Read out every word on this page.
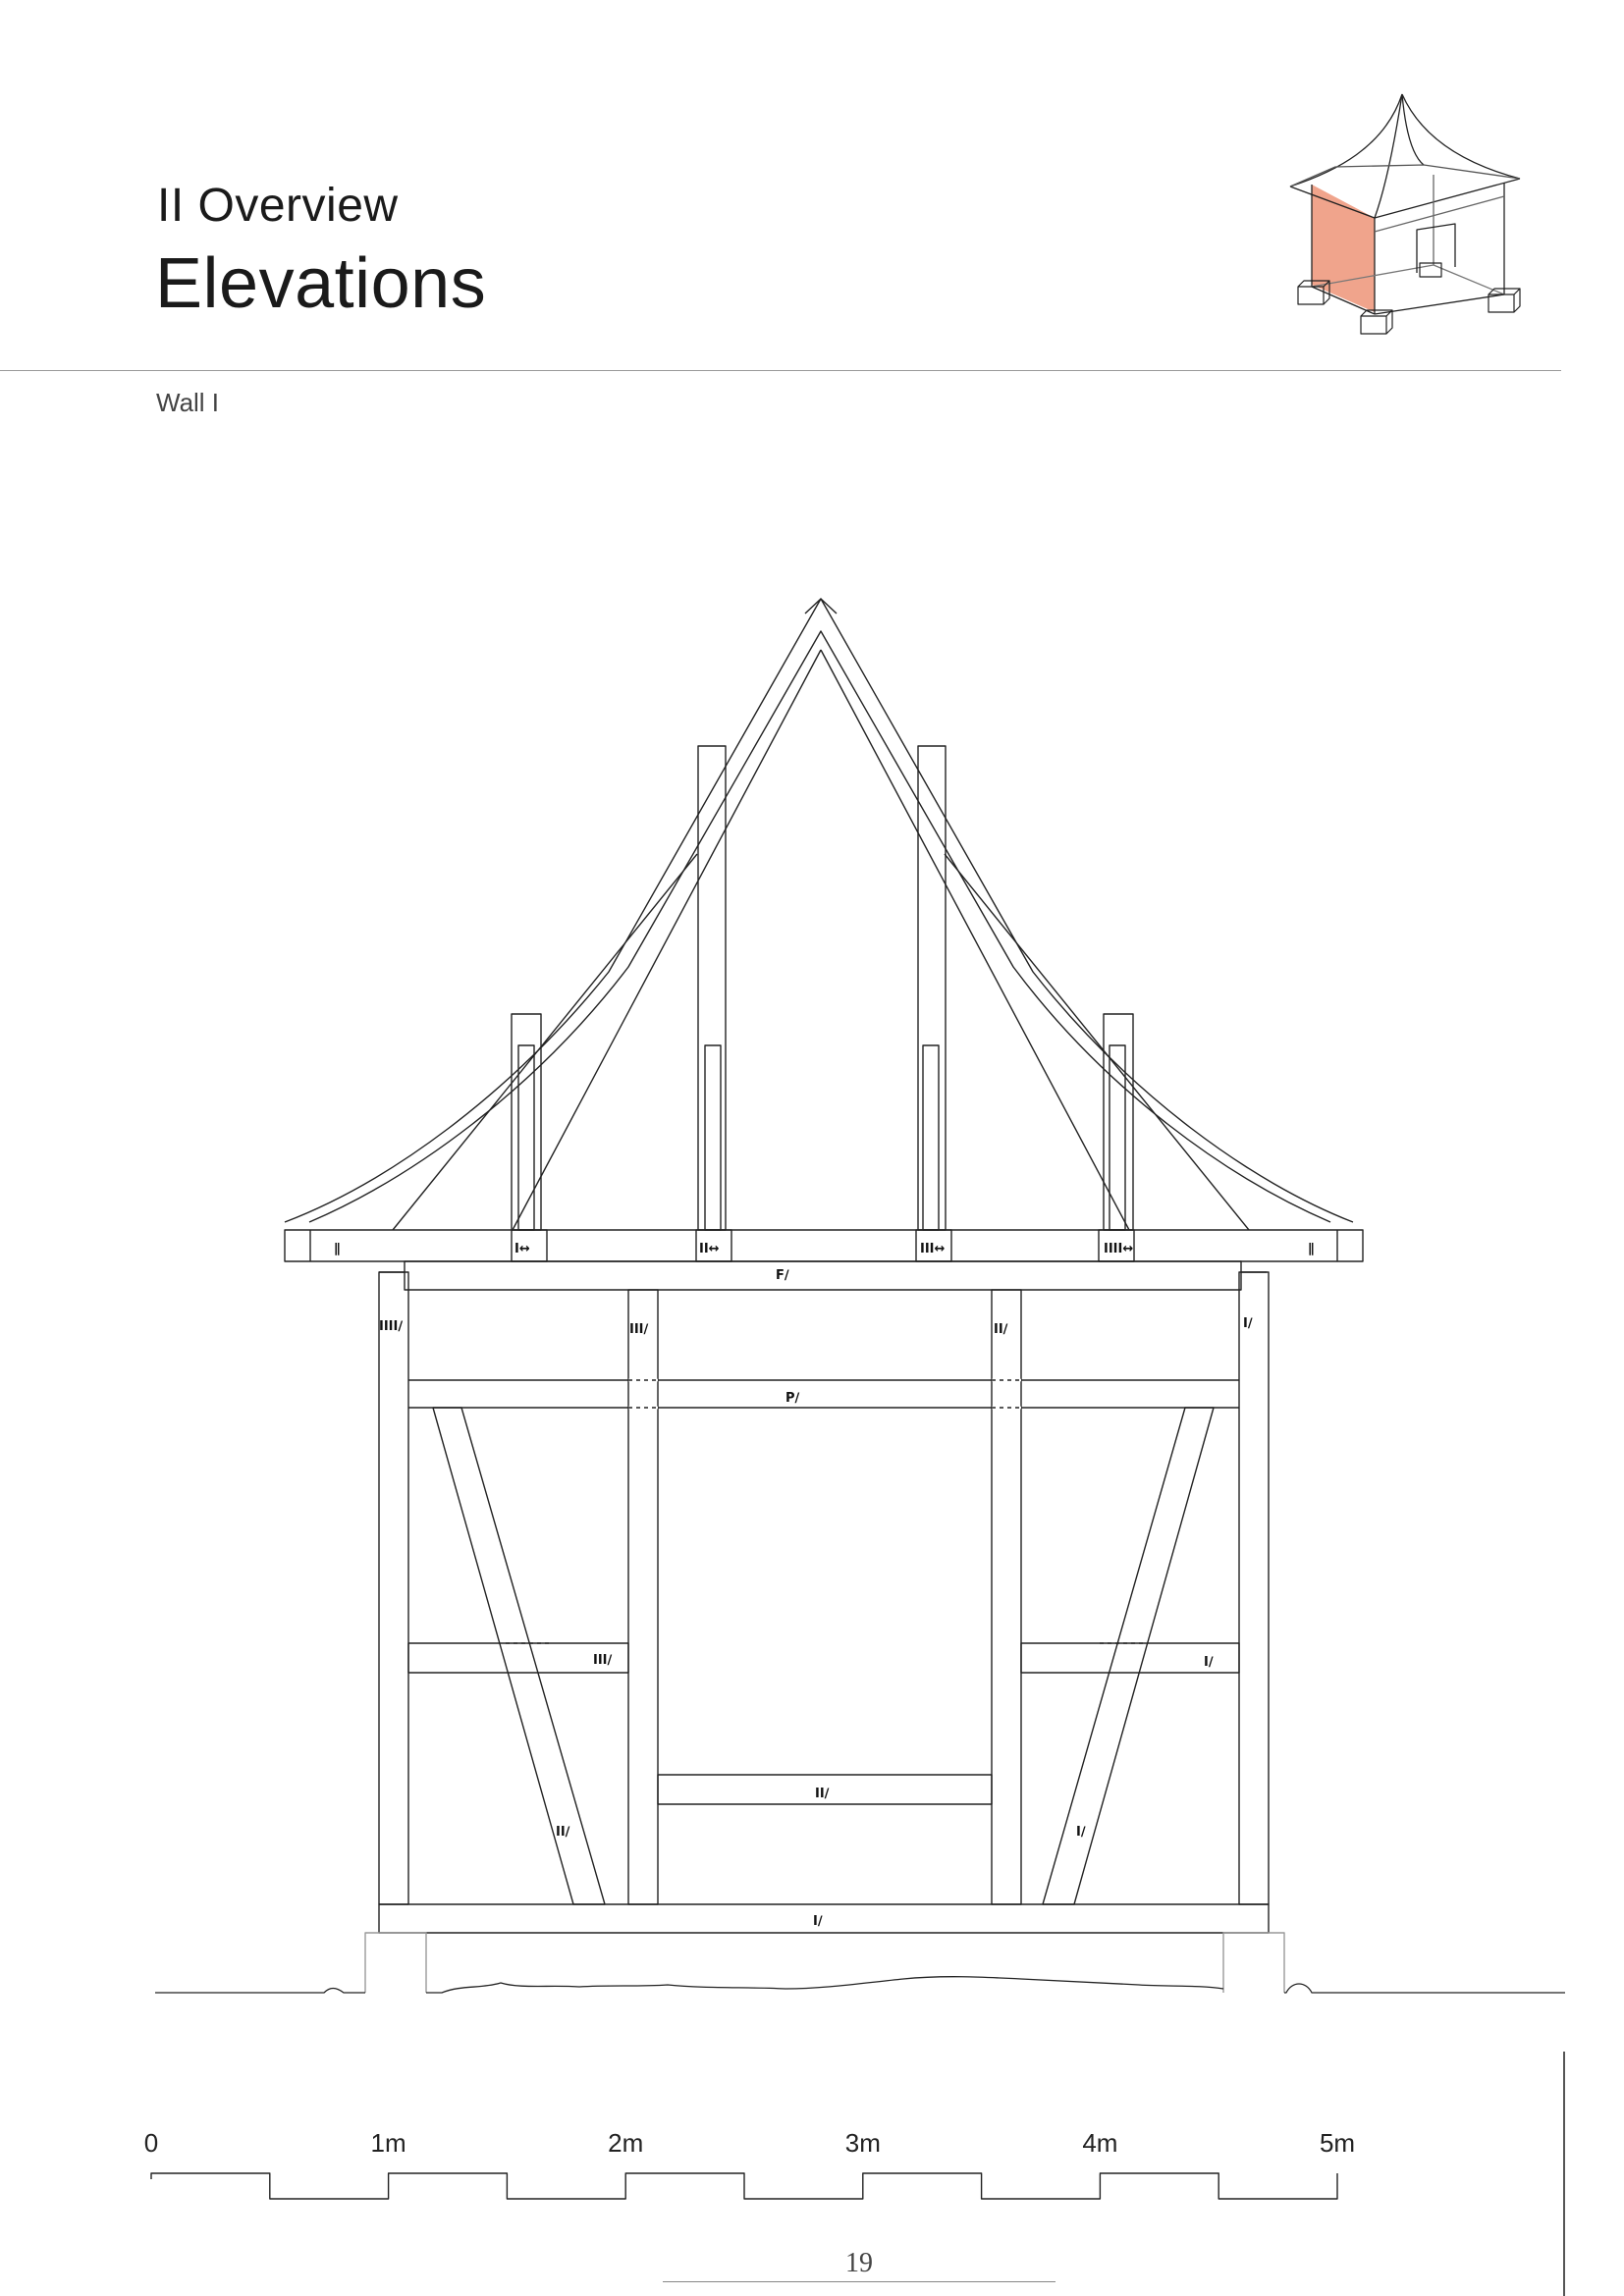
II Overview
Elevations
Wall I
∥	I↔	II↔	III↔	IIII↔	∥
F∕
IIII∕	III∕	II∕	I∕
P∕
III∕	I∕
II∕
II∕
I∕
I∕
0	1m	2m	3m	4m	5m
19
